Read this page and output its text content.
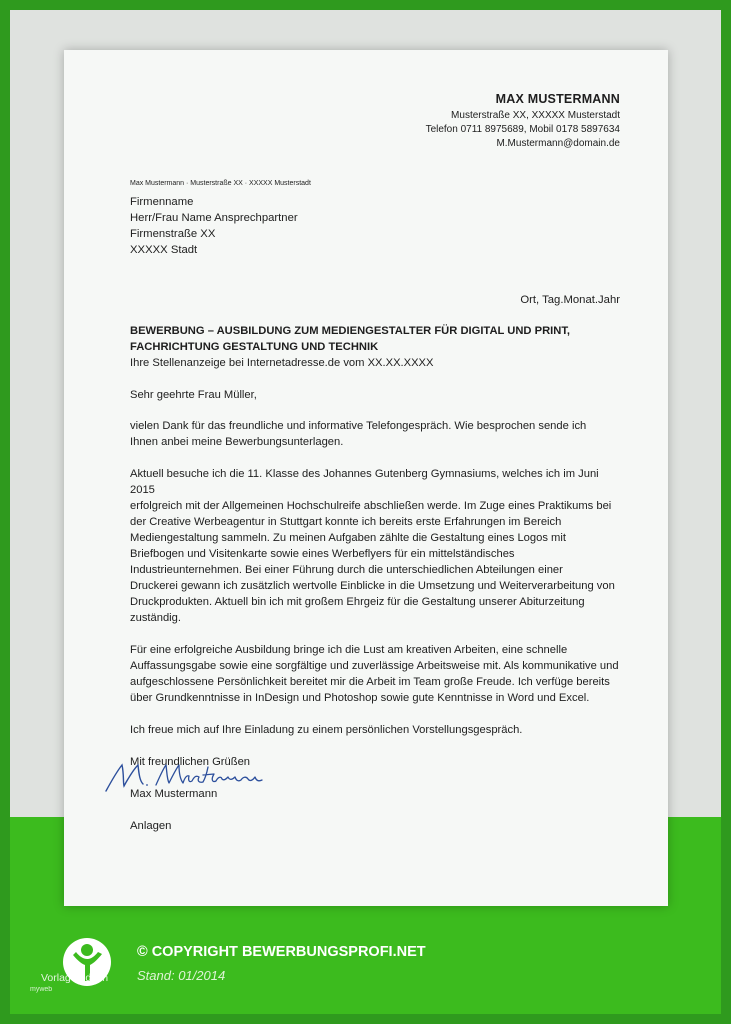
MAX MUSTERMANN
Musterstraße XX, XXXXX Musterstadt
Telefon 0711 8975689, Mobil 0178 5897634
M.Mustermann@domain.de
Max Mustermann · Musterstraße XX · XXXXX Musterstadt
Firmenname
Herr/Frau Name Ansprechpartner
Firmenstraße XX
XXXXX Stadt
Ort, Tag.Monat.Jahr
BEWERBUNG – AUSBILDUNG ZUM MEDIENGESTALTER FÜR DIGITAL UND PRINT,
FACHRICHTUNG GESTALTUNG UND TECHNIK
Ihre Stellenanzeige bei Internetadresse.de vom XX.XX.XXXX
Sehr geehrte Frau Müller,
vielen Dank für das freundliche und informative Telefongespräch. Wie besprochen sende ich
Ihnen anbei meine Bewerbungsunterlagen.
Aktuell besuche ich die 11. Klasse des Johannes Gutenberg Gymnasiums, welches ich im Juni 2015
erfolgreich mit der Allgemeinen Hochschulreife abschließen werde. Im Zuge eines Praktikums bei
der Creative Werbeagentur in Stuttgart konnte ich bereits erste Erfahrungen im Bereich
Mediengestaltung sammeln. Zu meinen Aufgaben zählte die Gestaltung eines Logos mit
Briefbogen und Visitenkarte sowie eines Werbeflyers für ein mittelständisches
Industrieunternehmen. Bei einer Führung durch die unterschiedlichen Abteilungen einer
Druckerei gewann ich zusätzlich wertvolle Einblicke in die Umsetzung und Weiterverarbeitung von
Druckprodukten. Aktuell bin ich mit großem Ehrgeiz für die Gestaltung unserer Abiturzeitung
zuständig.
Für eine erfolgreiche Ausbildung bringe ich die Lust am kreativen Arbeiten, eine schnelle
Auffassungsgabe sowie eine sorgfältige und zuverlässige Arbeitsweise mit. Als kommunikative und
aufgeschlossene Persönlichkeit bereitet mir die Arbeit im Team große Freude. Ich verfüge bereits
über Grundkenntnisse in InDesign und Photoshop sowie gute Kenntnisse in Word und Excel.
Ich freue mich auf Ihre Einladung zu einem persönlichen Vorstellungsgespräch.
Mit freundlichen Grüßen
Max Mustermann
Anlagen
© COPYRIGHT BEWERBUNGSPROFI.NET
Stand: 01/2014
Vorlagen.de.in
myweb
